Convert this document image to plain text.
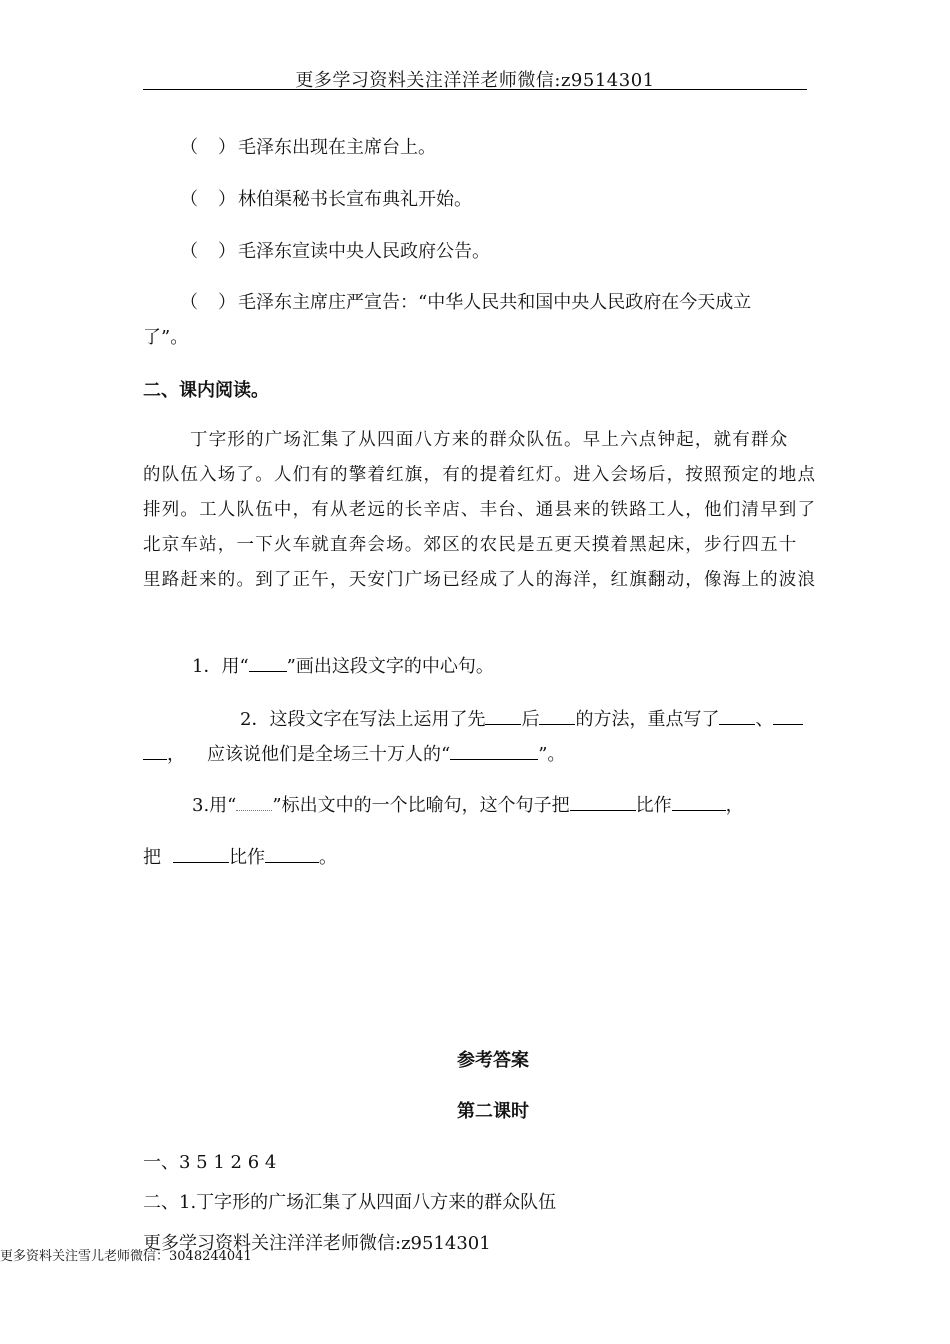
更多学习资料关注洋洋老师微信:z9514301
（ ） 毛泽东出现在主席台上。
（ ） 林伯渠秘书长宣布典礼开始。
（ ） 毛泽东宣读中央人民政府公告。
（ ） 毛泽东主席庄严宣告：“中华人民共和国中央人民政府在今天成立
了”。
二、课内阅读。
丁字形的广场汇集了从四面八方来的群众队伍。早上六点钟起，就有群众
的队伍入场了。人们有的擎着红旗，有的提着红灯。进入会场后，按照预定的地点
排列。工人队伍中，有从老远的长辛店、丰台、通县来的铁路工人，他们清早到了
北京车站，一下火车就直奔会场。郊区的农民是五更天摸着黑起床，步行四五十
里路赶来的。到了正午，天安门广场已经成了人的海洋，红旗翻动，像海上的波浪
1．用“ ”画出这段文字的中心句。
2．这段文字在写法上运用了先 后 的方法，重点写了 、
， 应该说他们是全场三十万人的“	”。
3.用“ ”标出文中的一个比喻句，这个句子把	比作	，
把	比作	。
参考答案
第二课时
一、3 5 1 2 6 4
二、1.丁字形的广场汇集了从四面八方来的群众队伍
更多学习资料关注洋洋老师微信:z9514301
更多资料关注雪儿老师微信：3048244041
